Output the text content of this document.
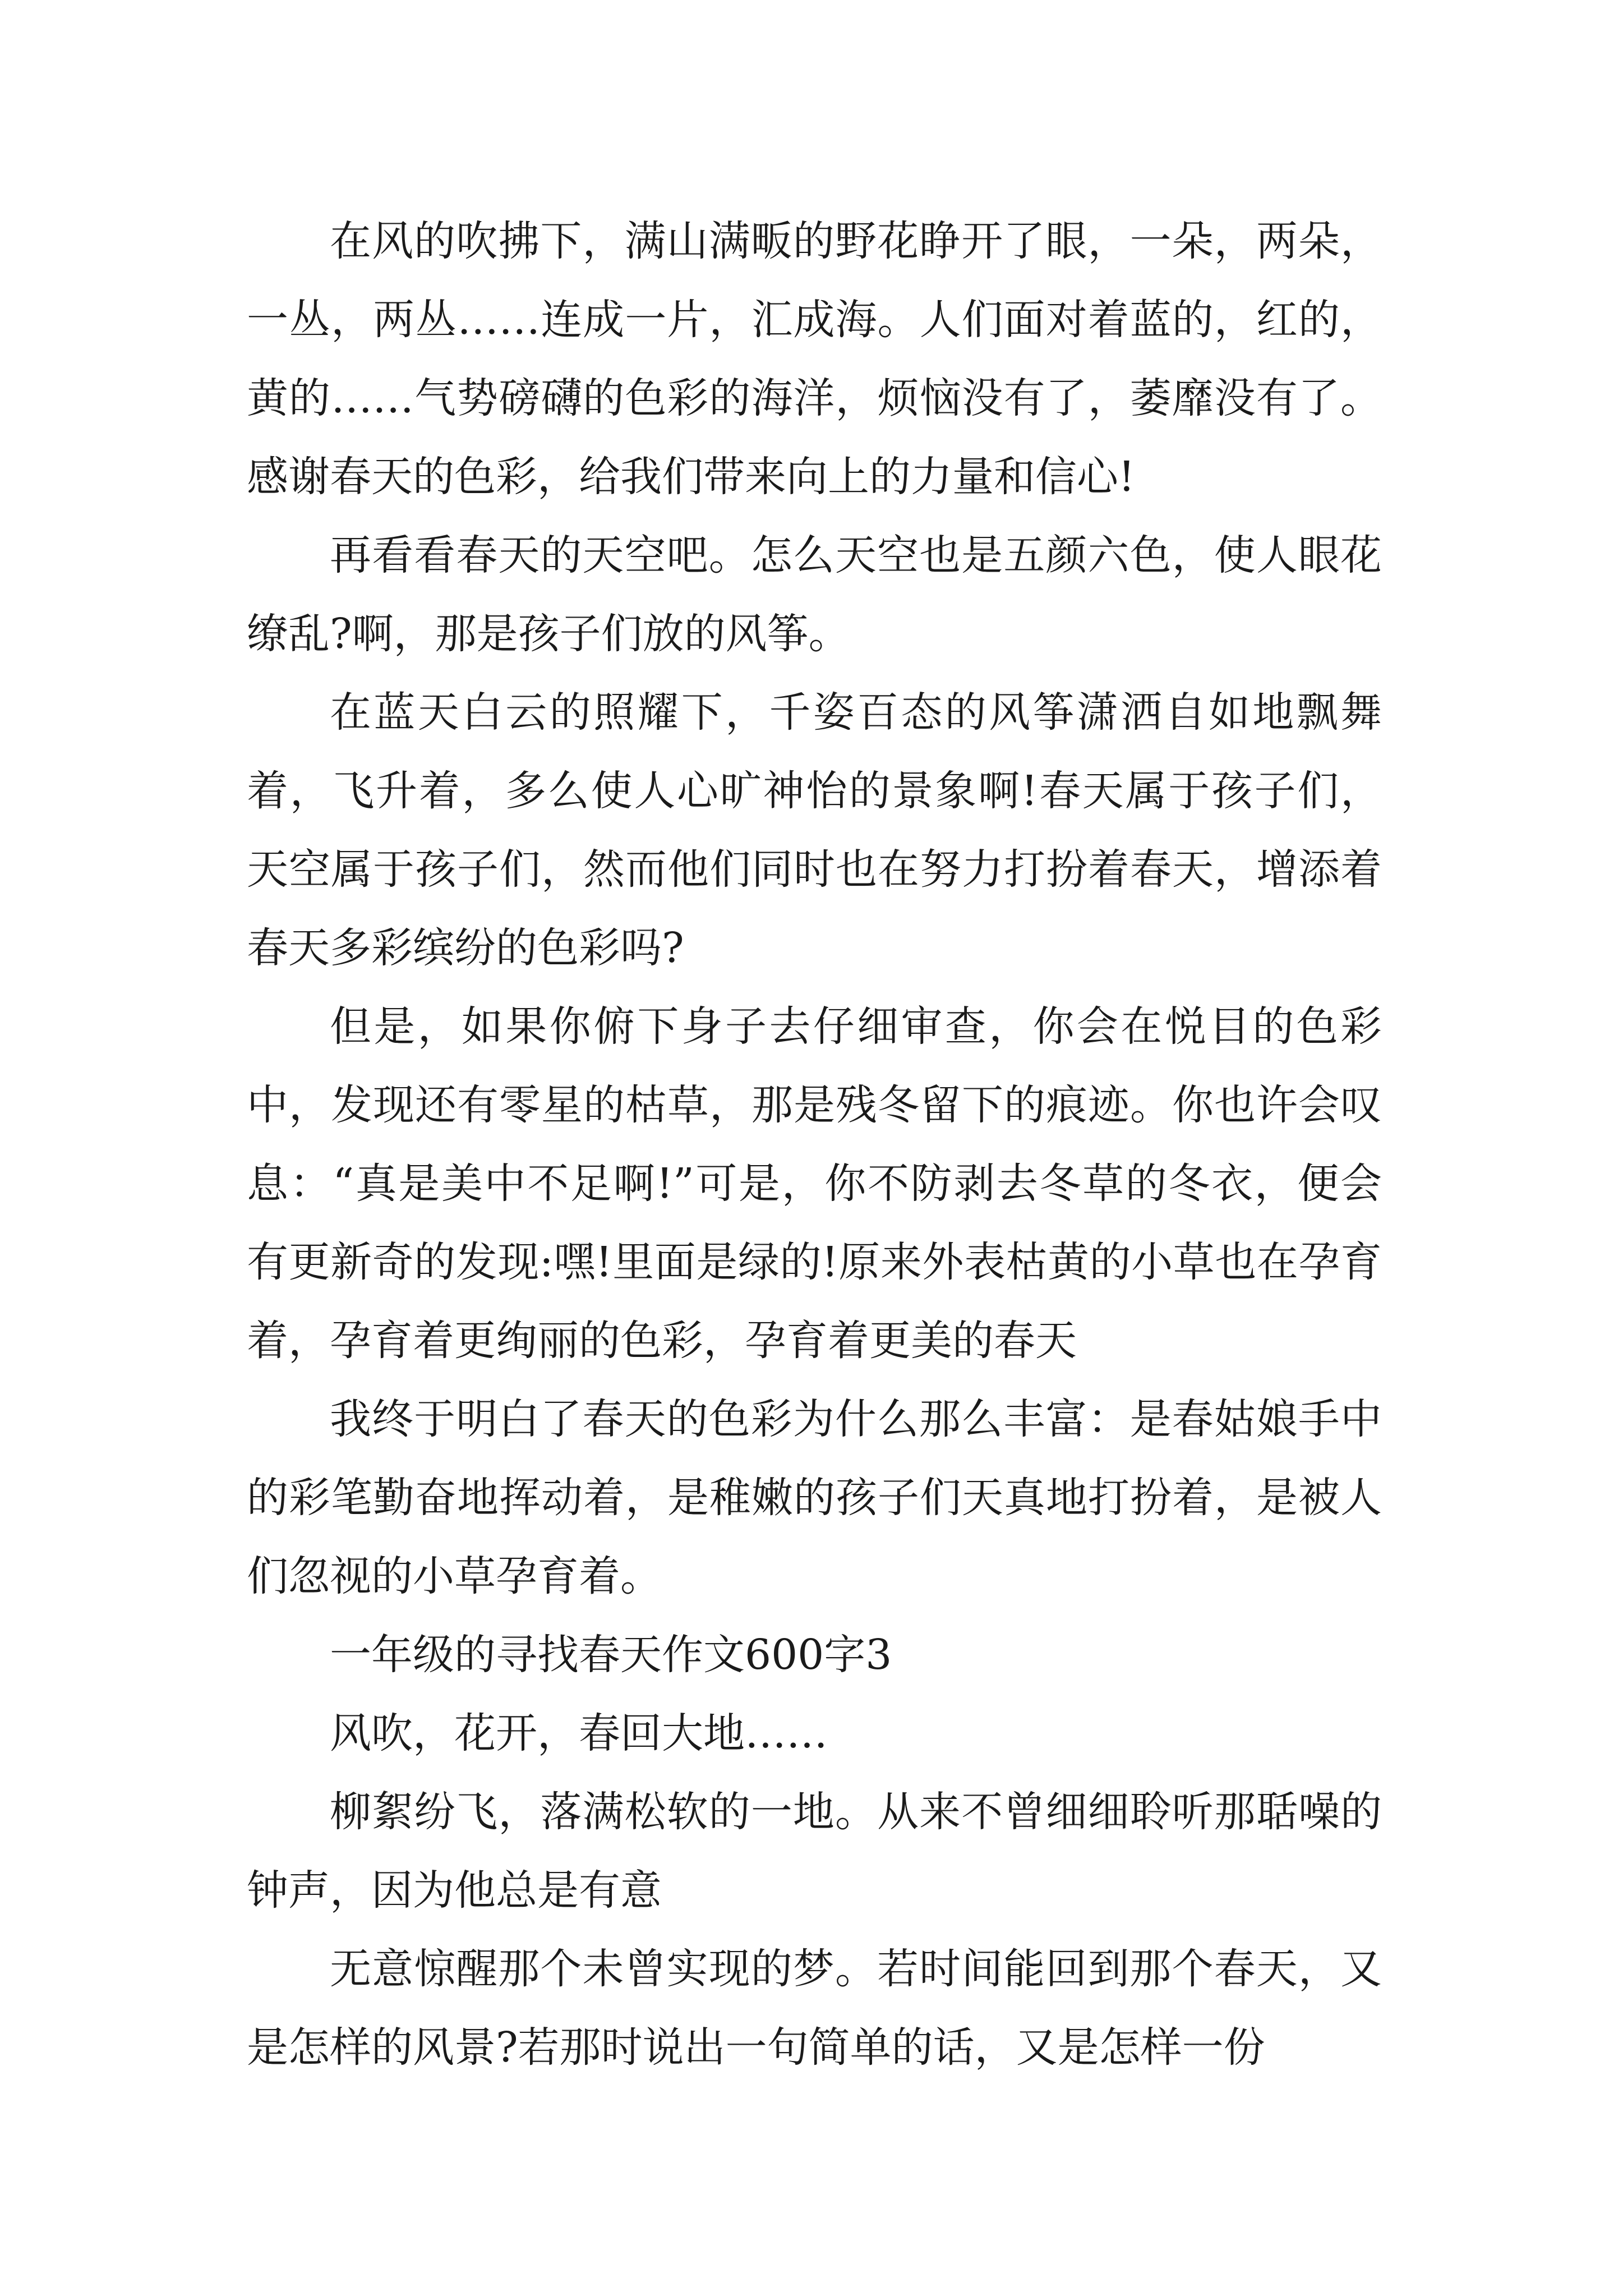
在风的吹拂下，满山满畈的野花睁开了眼，一朵，两朵，一丛，两丛……连成一片，汇成海。人们面对着蓝的，红的，黄的……气势磅礴的色彩的海洋，烦恼没有了，萎靡没有了。感谢春天的色彩，给我们带来向上的力量和信心!

再看看春天的天空吧。怎么天空也是五颜六色，使人眼花缭乱?啊，那是孩子们放的风筝。

在蓝天白云的照耀下，千姿百态的风筝潇洒自如地飘舞着，飞升着，多么使人心旷神怡的景象啊!春天属于孩子们，天空属于孩子们，然而他们同时也在努力打扮着春天，增添着春天多彩缤纷的色彩吗?

但是，如果你俯下身子去仔细审查，你会在悦目的色彩中，发现还有零星的枯草，那是残冬留下的痕迹。你也许会叹息：“真是美中不足啊!”可是，你不防剥去冬草的冬衣，便会有更新奇的发现:嘿!里面是绿的!原来外表枯黄的小草也在孕育着，孕育着更绚丽的色彩，孕育着更美的春天

我终于明白了春天的色彩为什么那么丰富：是春姑娘手中的彩笔勤奋地挥动着，是稚嫩的孩子们天真地打扮着，是被人们忽视的小草孕育着。

一年级的寻找春天作文600字3

风吹，花开，春回大地……

柳絮纷飞，落满松软的一地。从来不曾细细聆听那聒噪的钟声，因为他总是有意

无意惊醒那个未曾实现的梦。若时间能回到那个春天，又是怎样的风景?若那时说出一句简单的话，又是怎样一份
